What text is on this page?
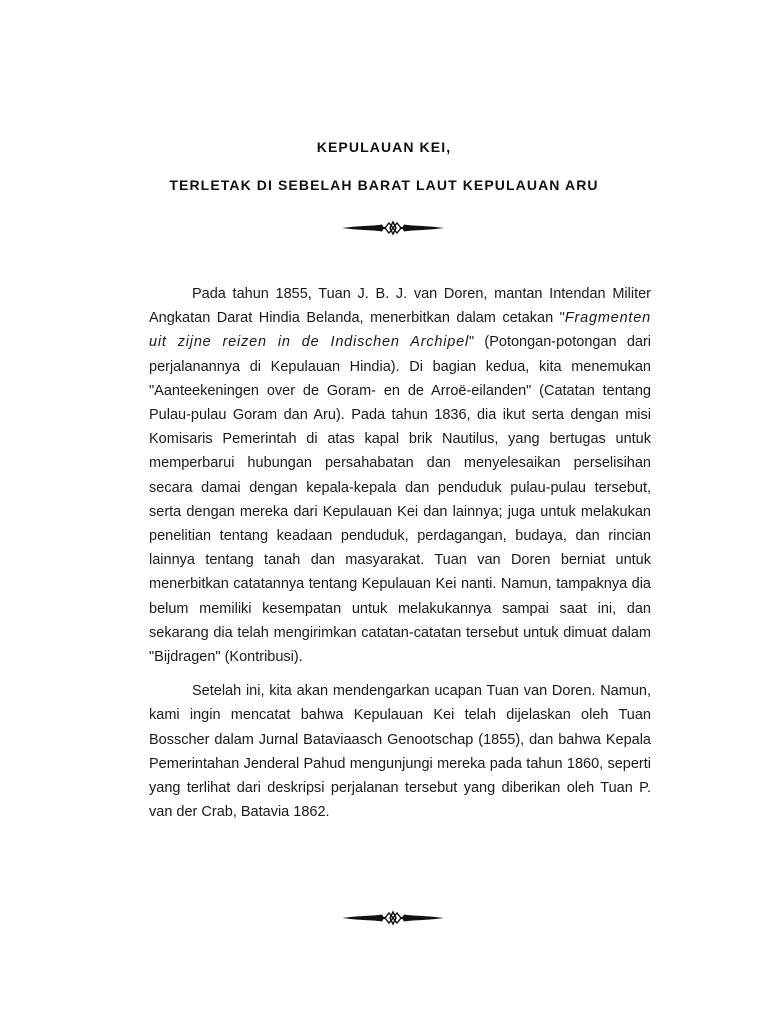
KEPULAUAN KEI,
TERLETAK DI SEBELAH BARAT LAUT KEPULAUAN ARU

Pada tahun 1855, Tuan J. B. J. van Doren, mantan Intendan Militer Angkatan Darat Hindia Belanda, menerbitkan dalam cetakan "Fragmenten uit zijne reizen in de Indischen Archipel" (Potongan-potongan dari perjalanannya di Kepulauan Hindia). Di bagian kedua, kita menemukan "Aanteekeningen over de Goram- en de Arroë-eilanden" (Catatan tentang Pulau-pulau Goram dan Aru). Pada tahun 1836, dia ikut serta dengan misi Komisaris Pemerintah di atas kapal brik Nautilus, yang bertugas untuk memperbarui hubungan persahabatan dan menyelesaikan perselisihan secara damai dengan kepala-kepala dan penduduk pulau-pulau tersebut, serta dengan mereka dari Kepulauan Kei dan lainnya; juga untuk melakukan penelitian tentang keadaan penduduk, perdagangan, budaya, dan rincian lainnya tentang tanah dan masyarakat. Tuan van Doren berniat untuk menerbitkan catatannya tentang Kepulauan Kei nanti. Namun, tampaknya dia belum memiliki kesempatan untuk melakukannya sampai saat ini, dan sekarang dia telah mengirimkan catatan-catatan tersebut untuk dimuat dalam "Bijdragen" (Kontribusi).

Setelah ini, kita akan mendengarkan ucapan Tuan van Doren. Namun, kami ingin mencatat bahwa Kepulauan Kei telah dijelaskan oleh Tuan Bosscher dalam Jurnal Bataviaasch Genootschap (1855), dan bahwa Kepala Pemerintahan Jenderal Pahud mengunjungi mereka pada tahun 1860, seperti yang terlihat dari deskripsi perjalanan tersebut yang diberikan oleh Tuan P. van der Crab, Batavia 1862.
